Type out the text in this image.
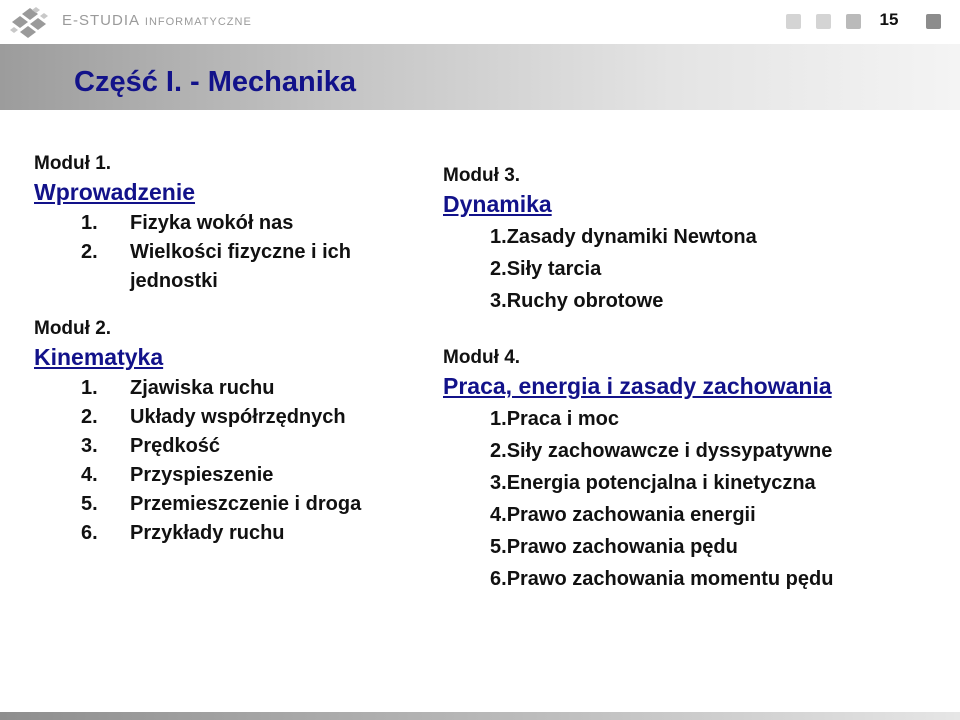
E-STUDIA INFORMATYCZNE	15
Część I. - Mechanika

Moduł 1.

Wprowadzenie

1. Fizyka wokół nas
2. Wielkości fizyczne i ich jednostki

Moduł 2.

Kinematyka

1. Zjawiska ruchu
2. Układy współrzędnych
3. Prędkość
4. Przyspieszenie
5. Przemieszczenie i droga
6. Przykłady ruchu

Moduł 3.

Dynamika

1.Zasady dynamiki Newtona
2.Siły tarcia
3.Ruchy obrotowe

Moduł 4.

Praca, energia i zasady zachowania

1.Praca i moc
2.Siły zachowawcze i dyssypatywne
3.Energia potencjalna i kinetyczna
4.Prawo zachowania energii
5.Prawo zachowania pędu
6.Prawo zachowania momentu pędu
